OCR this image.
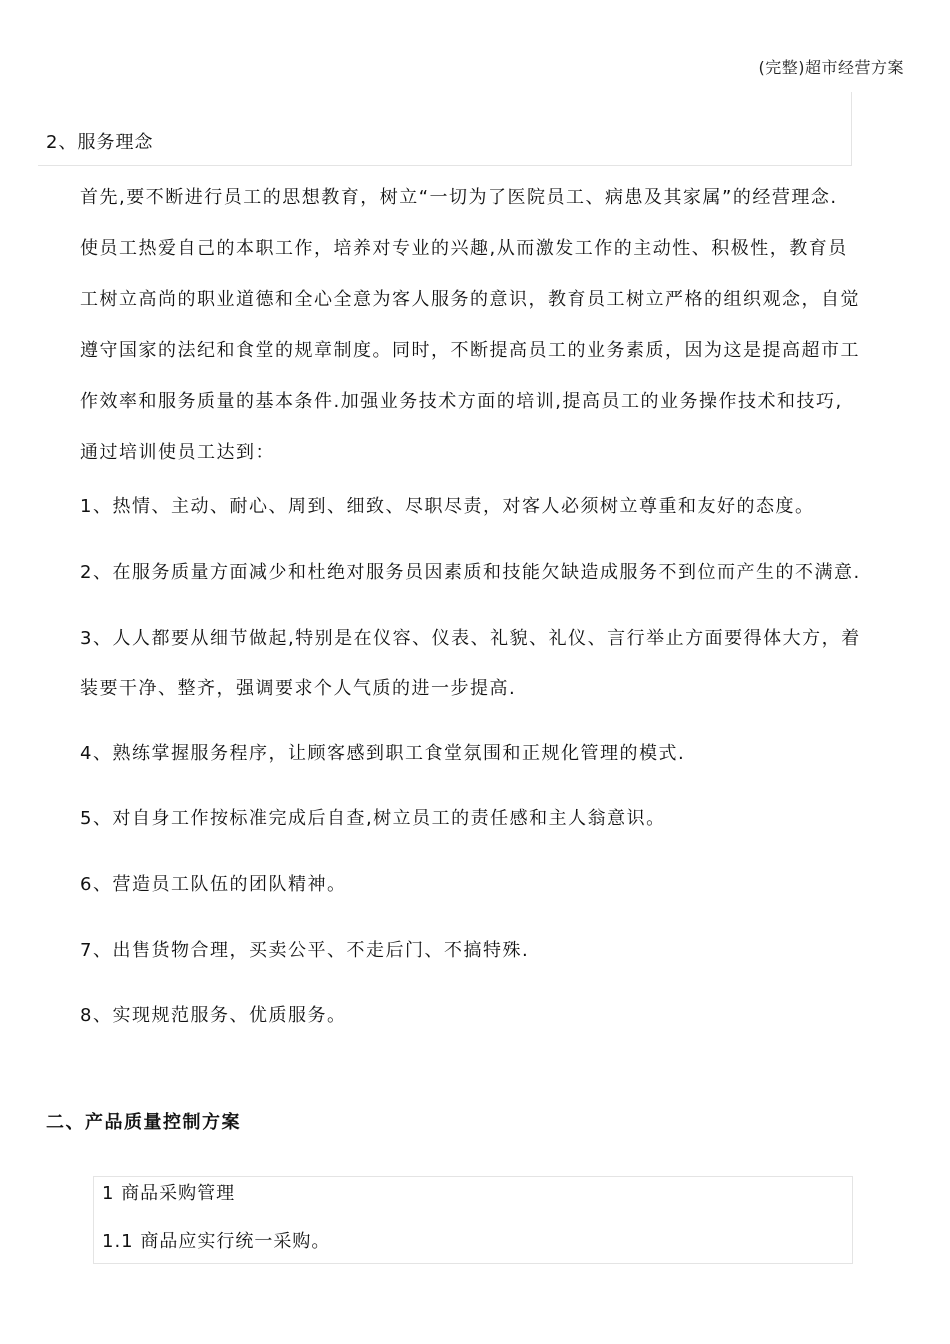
(完整)超市经营方案
2、服务理念
首先,要不断进行员工的思想教育，树立“一切为了医院员工、病患及其家属”的经营理念.
使员工热爱自己的本职工作，培养对专业的兴趣,从而激发工作的主动性、积极性，教育员
工树立高尚的职业道德和全心全意为客人服务的意识，教育员工树立严格的组织观念，自觉
遵守国家的法纪和食堂的规章制度。同时，不断提高员工的业务素质，因为这是提高超市工
作效率和服务质量的基本条件.加强业务技术方面的培训,提高员工的业务操作技术和技巧,
通过培训使员工达到：
1、热情、主动、耐心、周到、细致、尽职尽责，对客人必须树立尊重和友好的态度。
2、在服务质量方面减少和杜绝对服务员因素质和技能欠缺造成服务不到位而产生的不满意.
3、人人都要从细节做起,特别是在仪容、仪表、礼貌、礼仪、言行举止方面要得体大方，着
装要干净、整齐，强调要求个人气质的进一步提高.
4、熟练掌握服务程序，让顾客感到职工食堂氛围和正规化管理的模式.
5、对自身工作按标准完成后自查,树立员工的责任感和主人翁意识。
6、营造员工队伍的团队精神。
7、出售货物合理，买卖公平、不走后门、不搞特殊.
8、实现规范服务、优质服务。
二、产品质量控制方案
1 商品采购管理
1.1 商品应实行统一采购。
